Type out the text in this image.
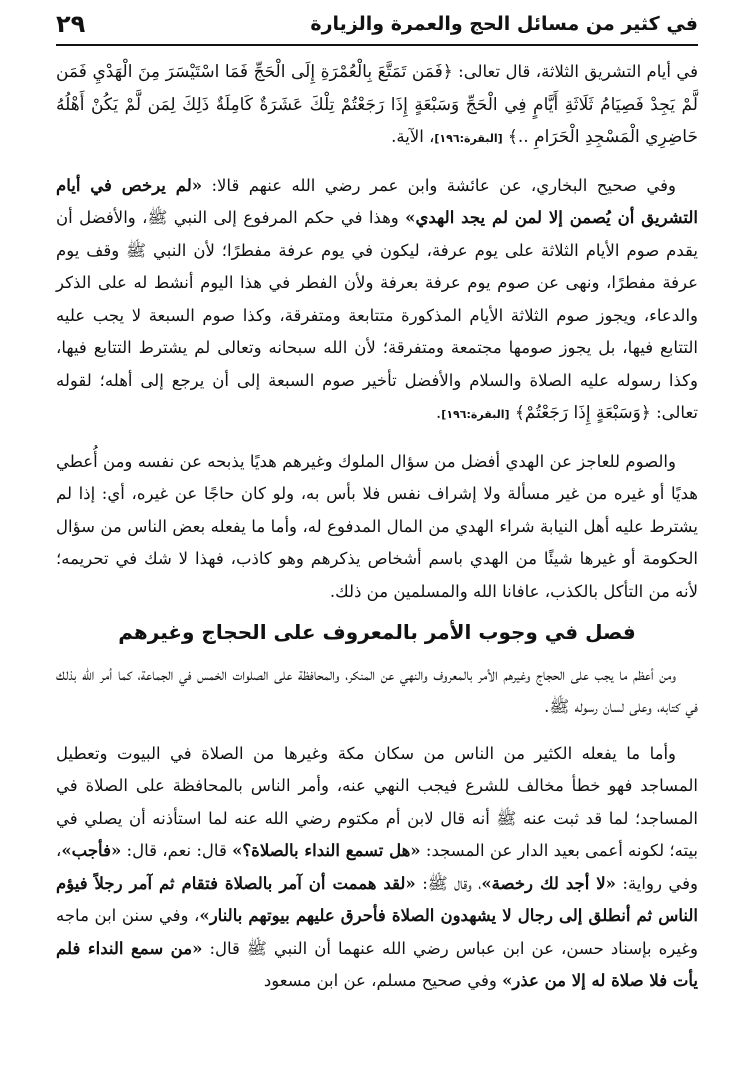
في كثير من مسائل الحج والعمرة والزيارة
٢٩

في أيام التشريق الثلاثة، قال تعالى: ﴿فَمَن تَمَتَّعَ بِالْعُمْرَةِ إِلَى الْحَجِّ فَمَا اسْتَيْسَرَ مِنَ الْهَدْيِ فَمَن لَّمْ يَجِدْ فَصِيَامُ ثَلَاثَةِ أَيَّامٍ فِي الْحَجِّ وَسَبْعَةٍ إِذَا رَجَعْتُمْ تِلْكَ عَشَرَةٌ كَامِلَةٌ ذَلِكَ لِمَن لَّمْ يَكُنْ أَهْلُهُ حَاضِرِي الْمَسْجِدِ الْحَرَامِ ..﴾ [البقرة:١٩٦]، الآية.

وفي صحيح البخاري، عن عائشة وابن عمر رضي الله عنهم قالا: «لم يرخص في أيام التشريق أن يُصمن إلا لمن لم يجد الهدي» وهذا في حكم المرفوع إلى النبي ﷺ، والأفضل أن يقدم صوم الأيام الثلاثة على يوم عرفة، ليكون في يوم عرفة مفطرًا؛ لأن النبي ﷺ وقف يوم عرفة مفطرًا، ونهى عن صوم يوم عرفة بعرفة ولأن الفطر في هذا اليوم أنشط له على الذكر والدعاء، ويجوز صوم الثلاثة الأيام المذكورة متتابعة ومتفرقة، وكذا صوم السبعة لا يجب عليه التتابع فيها، بل يجوز صومها مجتمعة ومتفرقة؛ لأن الله سبحانه وتعالى لم يشترط التتابع فيها، وكذا رسوله عليه الصلاة والسلام والأفضل تأخير صوم السبعة إلى أن يرجع إلى أهله؛ لقوله تعالى: ﴿وَسَبْعَةٍ إِذَا رَجَعْتُمْ﴾ [البقرة:١٩٦].

والصوم للعاجز عن الهدي أفضل من سؤال الملوك وغيرهم هديًا يذبحه عن نفسه ومن أُعطي هديًا أو غيره من غير مسألة ولا إشراف نفس فلا بأس به، ولو كان حاجًا عن غيره، أي: إذا لم يشترط عليه أهل النيابة شراء الهدي من المال المدفوع له، وأما ما يفعله بعض الناس من سؤال الحكومة أو غيرها شيئًا من الهدي باسم أشخاص يذكرهم وهو كاذب، فهذا لا شك في تحريمه؛ لأنه من التأكل بالكذب، عافانا الله والمسلمين من ذلك.

فصل في وجوب الأمر بالمعروف على الحجاج وغيرهم

ومن أعظم ما يجب على الحجاج وغيرهم الأمر بالمعروف والنهي عن المنكر، والمحافظة على الصلوات الخمس في الجماعة، كما أمر الله بذلك في كتابه، وعلى لسان رسوله ﷺ.

وأما ما يفعله الكثير من الناس من سكان مكة وغيرها من الصلاة في البيوت وتعطيل المساجد فهو خطأ مخالف للشرع فيجب النهي عنه، وأمر الناس بالمحافظة على الصلاة في المساجد؛ لما قد ثبت عنه ﷺ أنه قال لابن أم مكتوم رضي الله عنه لما استأذنه أن يصلي في بيته؛ لكونه أعمى بعيد الدار عن المسجد: «هل تسمع النداء بالصلاة؟» قال: نعم، قال: «فأجب»، وفي رواية: «لا أجد لك رخصة»، وقال ﷺ: «لقد هممت أن آمر بالصلاة فتقام ثم آمر رجلاً فيؤم الناس ثم أنطلق إلى رجال لا يشهدون الصلاة فأحرق عليهم بيوتهم بالنار»، وفي سنن ابن ماجه وغيره بإسناد حسن، عن ابن عباس رضي الله عنهما أن النبي ﷺ قال: «من سمع النداء فلم يأت فلا صلاة له إلا من عذر» وفي صحيح مسلم، عن ابن مسعود
